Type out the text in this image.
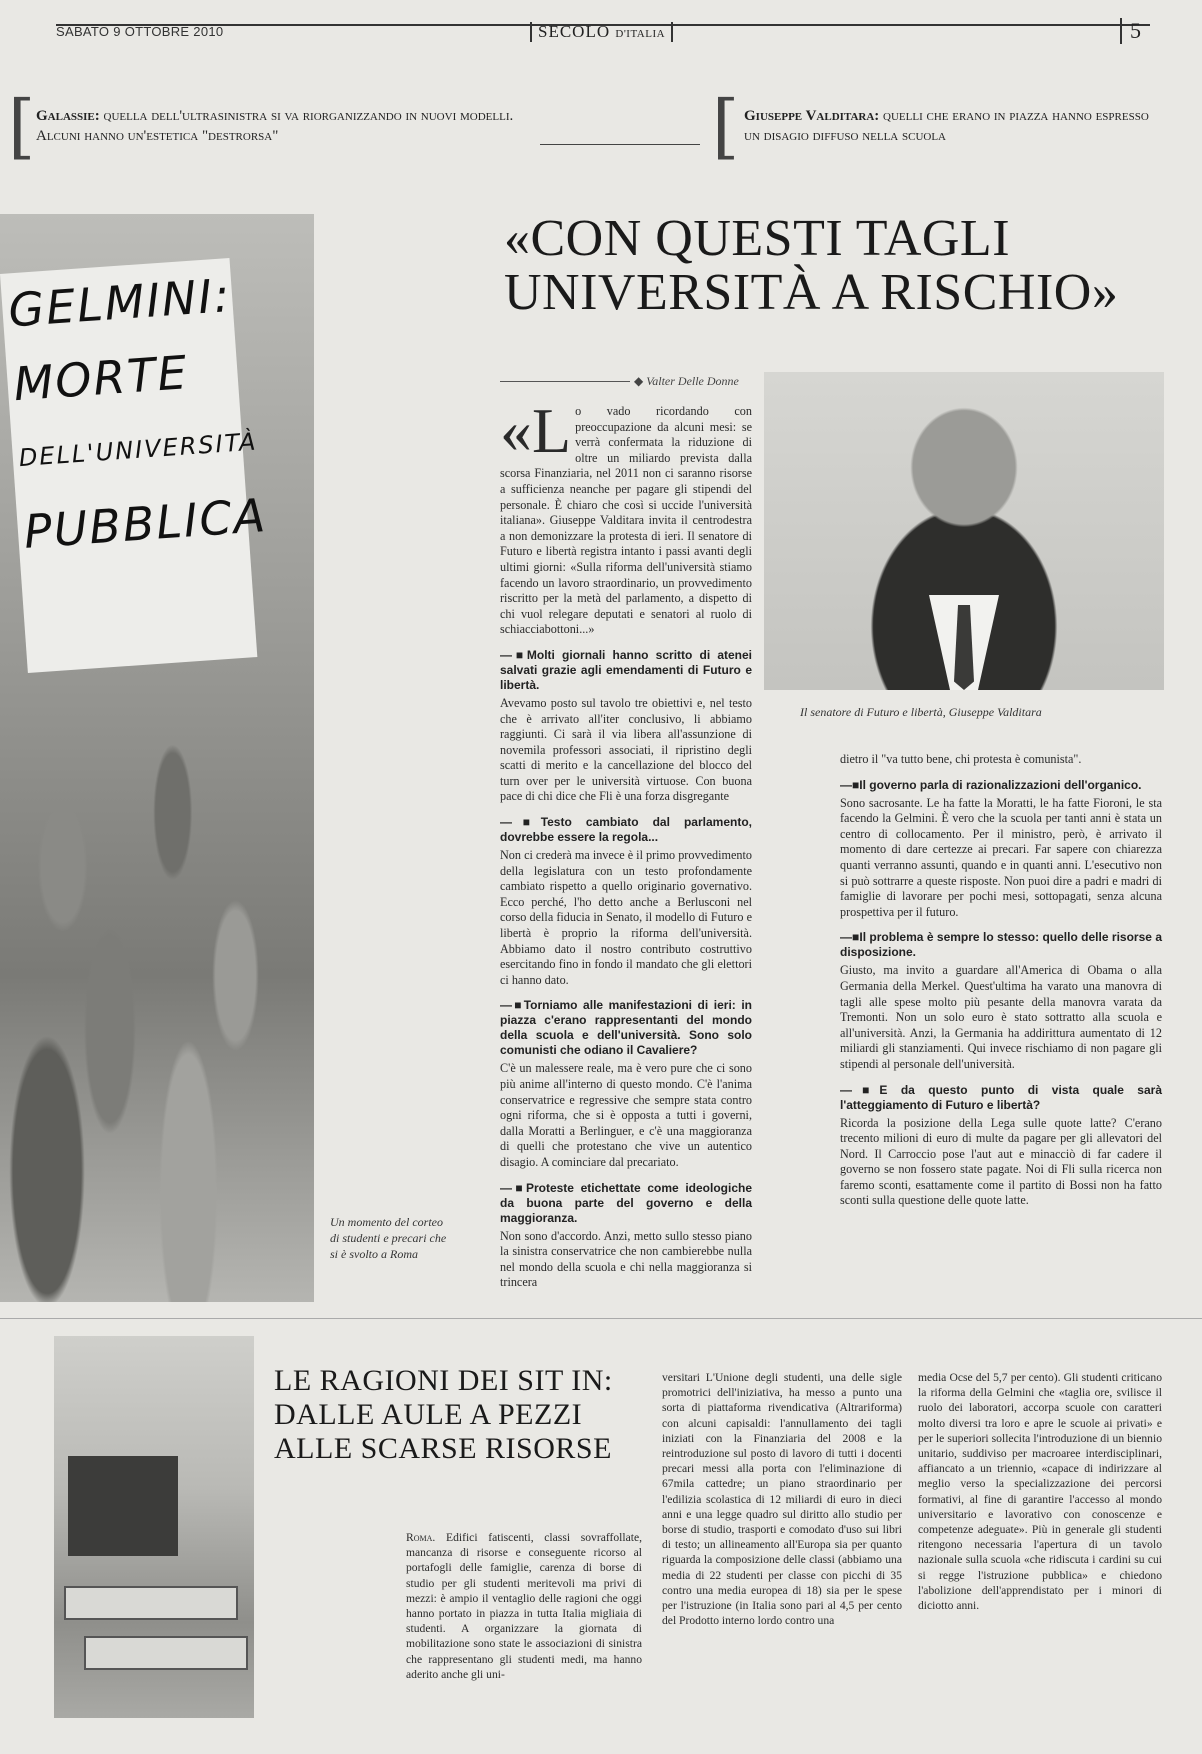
SABATO 9 OTTOBRE 2010	SECOLO D'ITALIA	5
[ Galassie: quella dell'ultrasinistra si va riorganizzando in nuovi modelli. Alcuni hanno un'estetica "destrorsa"	[ Giuseppe Valditara: quelli che erano in piazza hanno espresso un disagio diffuso nella scuola
GELMINI:
MORTE
DELL'UNIVERSITÀ
PUBBLICA
Un momento del corteo di studenti e precari che si è svolto a Roma
«CON QUESTI TAGLI
UNIVERSITÀ A RISCHIO»
◆ Valter Delle Donne
Il senatore di Futuro e libertà, Giuseppe Valditara

«L o vado ricordando con preoccupazione da alcuni mesi: se verrà confermata la riduzione di oltre un miliardo prevista dalla scorsa Finanziaria, nel 2011 non ci saranno risorse a sufficienza neanche per pagare gli stipendi del personale. È chiaro che così si uccide l'università italiana». Giuseppe Valditara invita il centrodestra a non demonizzare la protesta di ieri. Il senatore di Futuro e libertà registra intanto i passi avanti degli ultimi giorni: «Sulla riforma dell'università stiamo facendo un lavoro straordinario, un provvedimento riscritto per la metà del parlamento, a dispetto di chi vuol relegare deputati e senatori al ruolo di schiacciabottoni...»

—■ Molti giornali hanno scritto di atenei salvati grazie agli emendamenti di Futuro e libertà.

Avevamo posto sul tavolo tre obiettivi e, nel testo che è arrivato all'iter conclusivo, li abbiamo raggiunti. Ci sarà il via libera all'assunzione di novemila professori associati, il ripristino degli scatti di merito e la cancellazione del blocco del turn over per le università virtuose. Con buona pace di chi dice che Fli è una forza disgregante

—■ Testo cambiato dal parlamento, dovrebbe essere la regola...

Non ci crederà ma invece è il primo provvedimento della legislatura con un testo profondamente cambiato rispetto a quello originario governativo. Ecco perché, l'ho detto anche a Berlusconi nel corso della fiducia in Senato, il modello di Futuro e libertà è proprio la riforma dell'università. Abbiamo dato il nostro contributo costruttivo esercitando fino in fondo il mandato che gli elettori ci hanno dato.

—■ Torniamo alle manifestazioni di ieri: in piazza c'erano rappresentanti del mondo della scuola e dell'università. Sono solo comunisti che odiano il Cavaliere?

C'è un malessere reale, ma è vero pure che ci sono più anime all'interno di questo mondo. C'è l'anima conservatrice e regressive che sempre stata contro ogni riforma, che si è opposta a tutti i governi, dalla Moratti a Berlinguer, e c'è una maggioranza di quelli che protestano che vive un autentico disagio. A cominciare dal precariato.

—■ Proteste etichettate come ideologiche da buona parte del governo e della maggioranza.

Non sono d'accordo. Anzi, metto sullo stesso piano la sinistra conservatrice che non cambierebbe nulla nel mondo della scuola e chi nella maggioranza si trincera

dietro il "va tutto bene, chi protesta è comunista".

—■ Il governo parla di razionalizzazioni dell'organico.

Sono sacrosante. Le ha fatte la Moratti, le ha fatte Fioroni, le sta facendo la Gelmini. È vero che la scuola per tanti anni è stata un centro di collocamento. Per il ministro, però, è arrivato il momento di dare certezze ai precari. Far sapere con chiarezza quanti verranno assunti, quando e in quanti anni. L'esecutivo non si può sottrarre a queste risposte. Non puoi dire a padri e madri di famiglie di lavorare per pochi mesi, sottopagati, senza alcuna prospettiva per il futuro.

—■ Il problema è sempre lo stesso: quello delle risorse a disposizione.

Giusto, ma invito a guardare all'America di Obama o alla Germania della Merkel. Quest'ultima ha varato una manovra di tagli alle spese molto più pesante della manovra varata da Tremonti. Non un solo euro è stato sottratto alla scuola e all'università. Anzi, la Germania ha addirittura aumentato di 12 miliardi gli stanziamenti. Qui invece rischiamo di non pagare gli stipendi al personale dell'università.

—■ E da questo punto di vista quale sarà l'atteggiamento di Futuro e libertà?

Ricorda la posizione della Lega sulle quote latte? C'erano trecento milioni di euro di multe da pagare per gli allevatori del Nord. Il Carroccio pose l'aut aut e minacciò di far cadere il governo se non fossero state pagate. Noi di Fli sulla ricerca non faremo sconti, esattamente come il partito di Bossi non ha fatto sconti sulla questione delle quote latte.

LE RAGIONI DEI SIT IN:
DALLE AULE A PEZZI
ALLE SCARSE RISORSE
Roma. Edifici fatiscenti, classi sovraffollate, mancanza di risorse e conseguente ricorso al portafogli delle famiglie, carenza di borse di studio per gli studenti meritevoli ma privi di mezzi: è ampio il ventaglio delle ragioni che oggi hanno portato in piazza in tutta Italia migliaia di studenti. A organizzare la giornata di mobilitazione sono state le associazioni di sinistra che rappresentano gli studenti medi, ma hanno aderito anche gli uni-
versitari L'Unione degli studenti, una delle sigle promotrici dell'iniziativa, ha messo a punto una sorta di piattaforma rivendicativa (Altrariforma) con alcuni capisaldi: l'annullamento dei tagli iniziati con la Finanziaria del 2008 e la reintroduzione sul posto di lavoro di tutti i docenti precari messi alla porta con l'eliminazione di 67mila cattedre; un piano straordinario per l'edilizia scolastica di 12 miliardi di euro in dieci anni e una legge quadro sul diritto allo studio per borse di studio, trasporti e comodato d'uso sui libri di testo; un allineamento all'Europa sia per quanto riguarda la composizione delle classi (abbiamo una media di 22 studenti per classe con picchi di 35 contro una media europea di 18) sia per le spese per l'istruzione (in Italia sono pari al 4,5 per cento del Prodotto interno lordo contro una
media Ocse del 5,7 per cento). Gli studenti criticano la riforma della Gelmini che «taglia ore, svilisce il ruolo dei laboratori, accorpa scuole con caratteri molto diversi tra loro e apre le scuole ai privati» e per le superiori sollecita l'introduzione di un biennio unitario, suddiviso per macroaree interdisciplinari, affiancato a un triennio, «capace di indirizzare al meglio verso la specializzazione dei percorsi formativi, al fine di garantire l'accesso al mondo universitario e lavorativo con conoscenze e competenze adeguate». Più in generale gli studenti ritengono necessaria l'apertura di un tavolo nazionale sulla scuola «che ridiscuta i cardini su cui si regge l'istruzione pubblica» e chiedono l'abolizione dell'apprendistato per i minori di diciotto anni.
